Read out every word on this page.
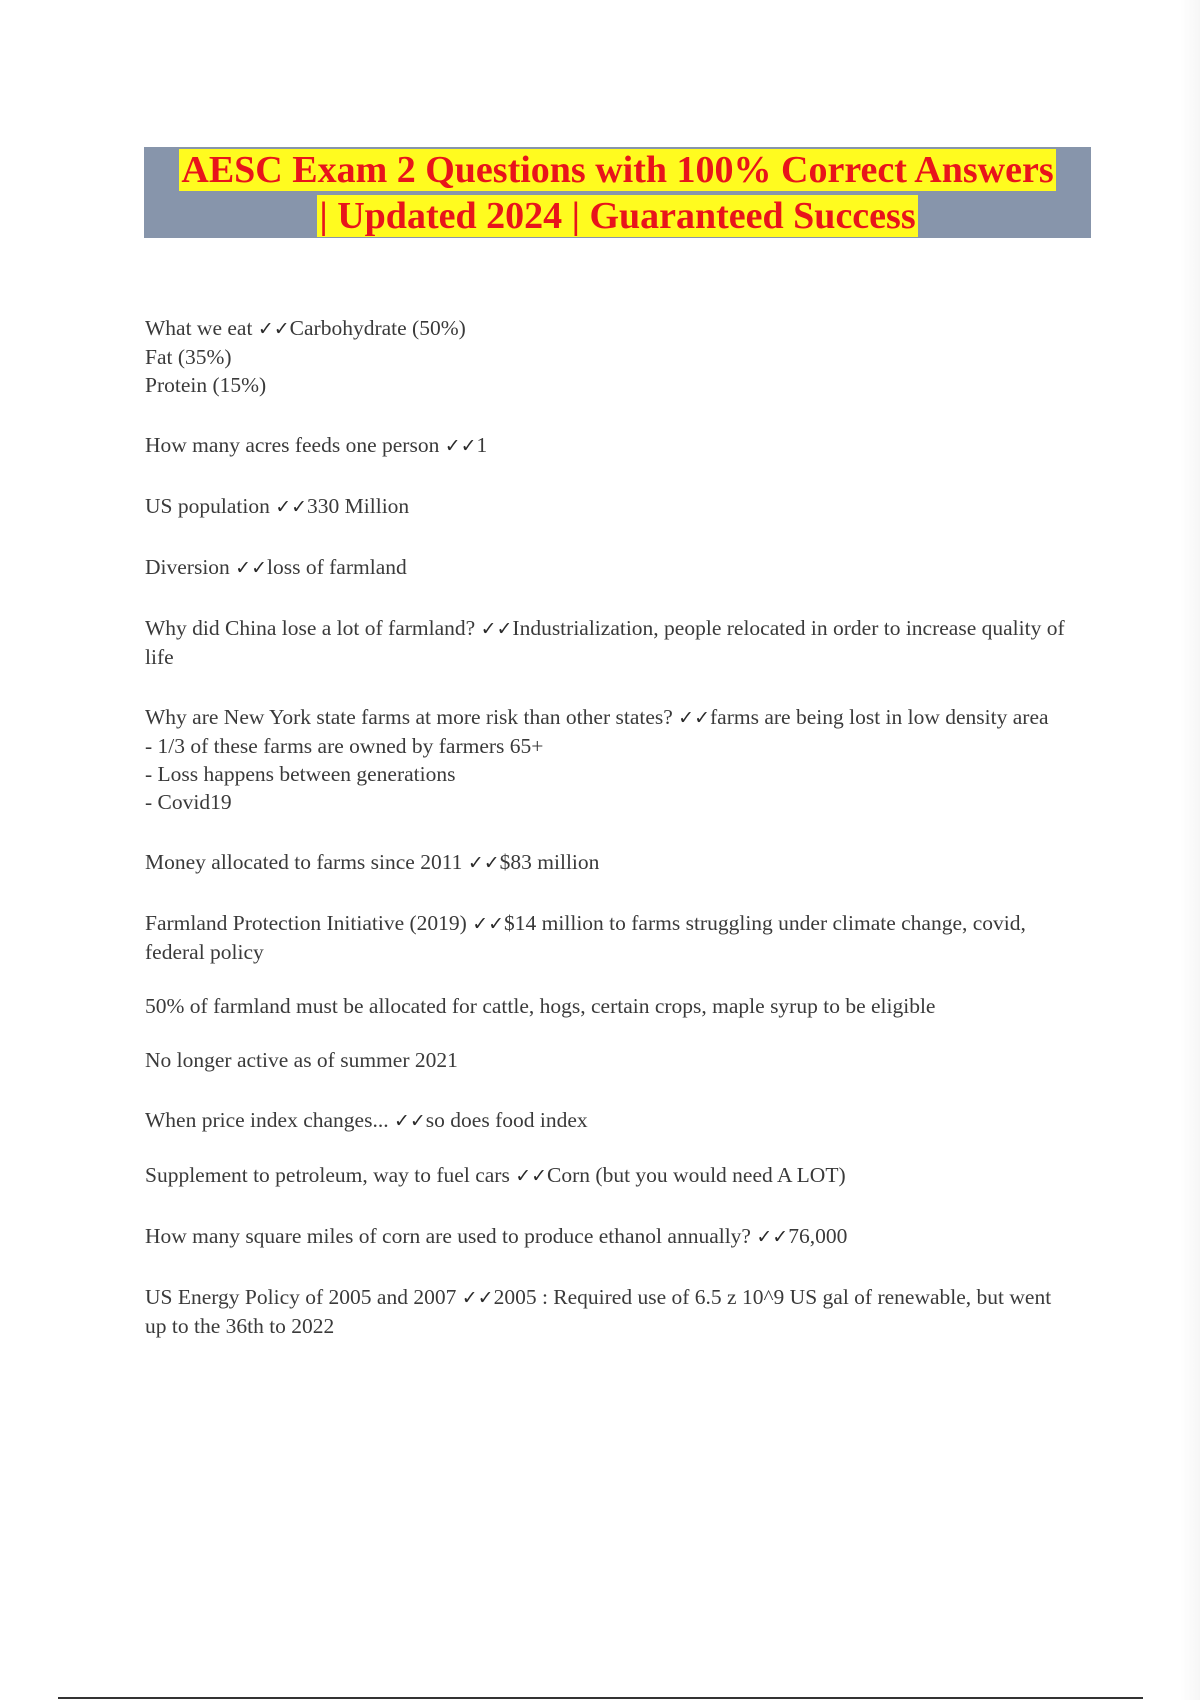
AESC Exam 2 Questions with 100% Correct Answers
| Updated 2024 | Guaranteed Success

What we eat ✓✓Carbohydrate (50%)
Fat (35%)
Protein (15%)

How many acres feeds one person ✓✓1

US population ✓✓330 Million

Diversion ✓✓loss of farmland

Why did China lose a lot of farmland? ✓✓Industrialization, people relocated in order to increase quality of life

Why are New York state farms at more risk than other states? ✓✓farms are being lost in low density area
- 1/3 of these farms are owned by farmers 65+
- Loss happens between generations
- Covid19

Money allocated to farms since 2011 ✓✓$83 million

Farmland Protection Initiative (2019) ✓✓$14 million to farms struggling under climate change, covid, federal policy

50% of farmland must be allocated for cattle, hogs, certain crops, maple syrup to be eligible

No longer active as of summer 2021

When price index changes... ✓✓so does food index

Supplement to petroleum, way to fuel cars ✓✓Corn (but you would need A LOT)

How many square miles of corn are used to produce ethanol annually? ✓✓76,000

US Energy Policy of 2005 and 2007 ✓✓2005 : Required use of 6.5 z 10^9 US gal of renewable, but went up to the 36th to 2022
